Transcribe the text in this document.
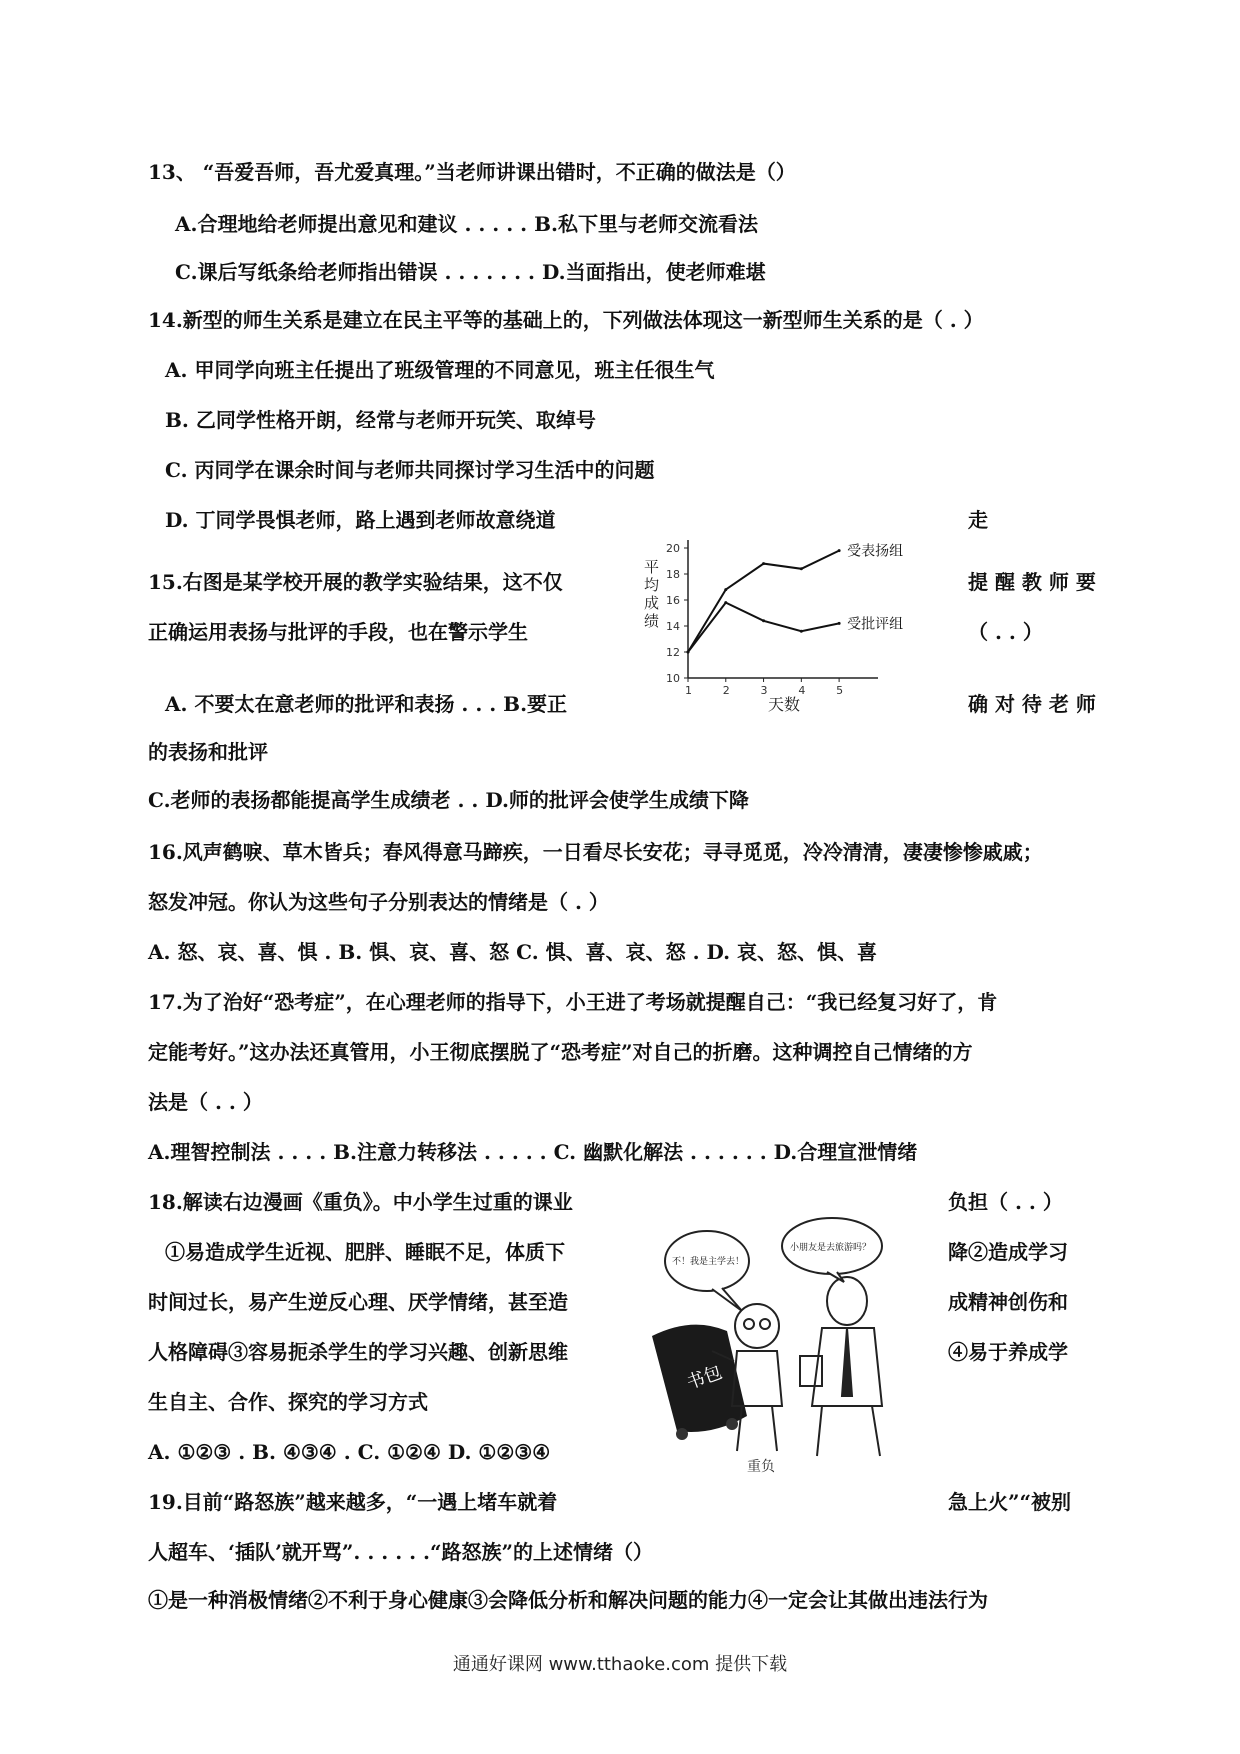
13、 “吾爱吾师，吾尤爱真理。”当老师讲课出错时，不正确的做法是（）
A.合理地给老师提出意见和建议 . . . . . B.私下里与老师交流看法
C.课后写纸条给老师指出错误 . . . . . . . D.当面指出，使老师难堪
14.新型的师生关系是建立在民主平等的基础上的，下列做法体现这一新型师生关系的是（ . ）
A. 甲同学向班主任提出了班级管理的不同意见，班主任很生气
B. 乙同学性格开朗，经常与老师开玩笑、取绰号
C. 丙同学在课余时间与老师共同探讨学习生活中的问题
D. 丁同学畏惧老师，路上遇到老师故意绕道	走
15.右图是某学校开展的教学实验结果，这不仅	提 醒 教 师 要
正确运用表扬与批评的手段，也在警示学生	（ . . ）
A. 不要太在意老师的批评和表扬 . . . B.要正	确 对 待 老 师
的表扬和批评
C.老师的表扬都能提高学生成绩老 . . D.师的批评会使学生成绩下降
10
12
14
16
18
20
1	2	3	4	5
平
均
成
绩
天数
受表扬组
受批评组
16.风声鹤唳、草木皆兵；春风得意马蹄疾，一日看尽长安花；寻寻觅觅，冷冷清清，凄凄惨惨戚戚；
怒发冲冠。你认为这些句子分别表达的情绪是（ . ）
A. 怒、哀、喜、惧 . B. 惧、哀、喜、怒 C. 惧、喜、哀、怒 . D. 哀、怒、惧、喜
17.为了治好“恐考症”，在心理老师的指导下，小王进了考场就提醒自己：“我已经复习好了，肯
定能考好。”这办法还真管用，小王彻底摆脱了“恐考症”对自己的折磨。这种调控自己情绪的方
法是（ . . ）
A.理智控制法 . . . . B.注意力转移法 . . . . . C. 幽默化解法 . . . . . . D.合理宣泄情绪
18.解读右边漫画《重负》。中小学生过重的课业	负担（ . . ）
①易造成学生近视、肥胖、睡眠不足，体质下	降②造成学习
时间过长，易产生逆反心理、厌学情绪，甚至造	成精神创伤和
人格障碍③容易扼杀学生的学习兴趣、创新思维	④易于养成学
生自主、合作、探究的学习方式
A. ①②③ . B. ④③④ . C. ①②④ D. ①②③④
书包
不！我是主学去！
小朋友是去旅游吗？
重负
19.目前“路怒族”越来越多，“一遇上堵车就着	急上火”“被别
人超车、‘插队’就开骂”. . . . . .“路怒族”的上述情绪（）
①是一种消极情绪②不利于身心健康③会降低分析和解决问题的能力④一定会让其做出违法行为
通通好课网 www.tthaoke.com 提供下载
